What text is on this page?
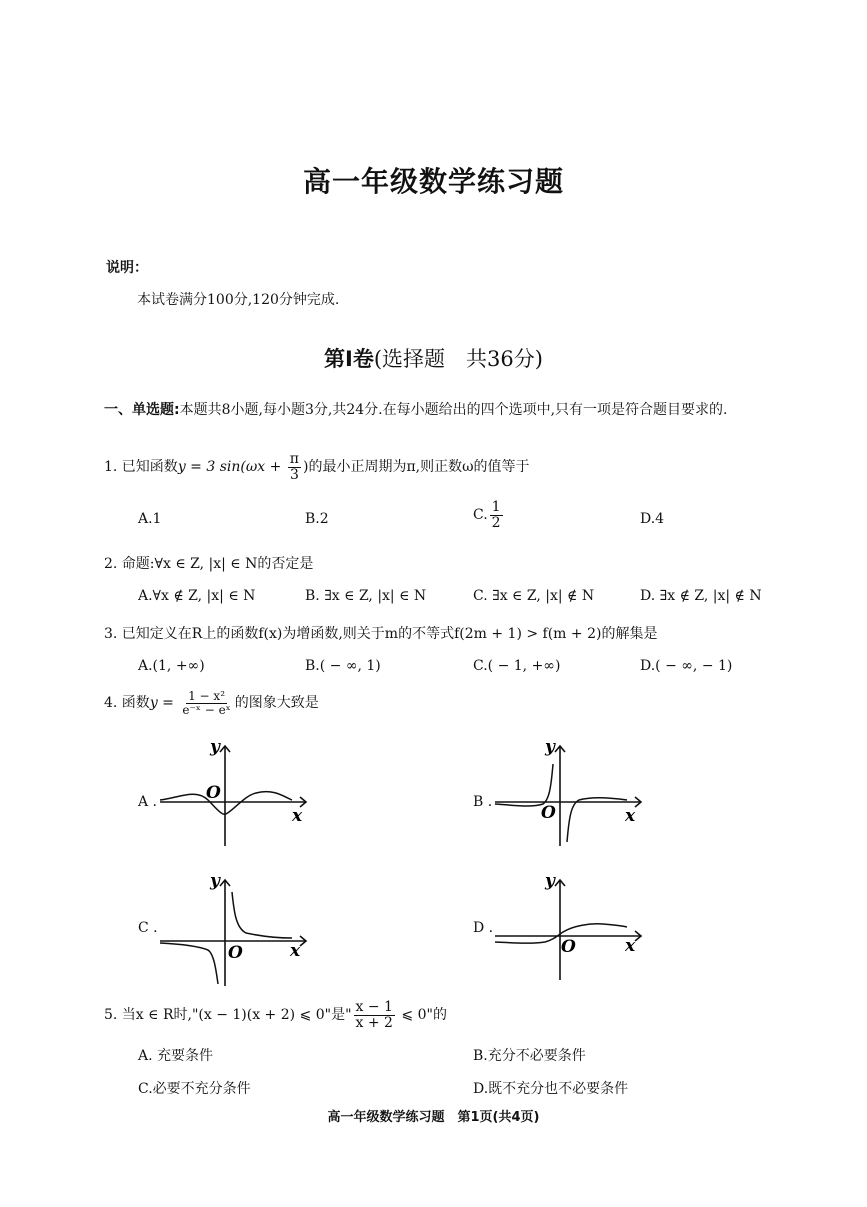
高一年级数学练习题
说明：
本试卷满分100分,120分钟完成.
第Ⅰ卷(选择题　共36分)
一、单选题:本题共8小题,每小题3分,共24分.在每小题给出的四个选项中,只有一项是符合题目要求的.
1. 已知函数y = 3 $\sin(\omega x + \frac{\pi}{3}$ )的最小正周期为π,则正数ω的值等于
A.1	B.2	C. $\frac{1}{2}$	D.4
2. 命题:∀x ∈ Z, |x| ∈ N的否定是
A.∀x ∉ Z, |x| ∈ N	B. ∃x ∈ Z, |x| ∈ N	C. ∃x ∈ Z, |x| ∉ N	D. ∃x ∉ Z, |x| ∉ N
3. 已知定义在R上的函数f(x)为增函数,则关于m的不等式f(2m + 1) > f(m + 2)的解集是
A.(1, +∞)	B.( − ∞, 1)	C.( − 1, +∞)	D.( − ∞, − 1)
4. 函数$y = \frac{\text{1 − x²}}{\text{e⁻ˣ − eˣ}}$ 的图象大致是
A .
y
x
O	B .
y
x
O
C .
y
x
O
D .
y
x
O
5. 当x ∈ R时,"(x − 1)(x + 2) ⩽ 0"是" $\frac{x - 1}{x + 2}$ ⩽ 0"的
A. 充要条件	B.充分不必要条件
C.必要不充分条件	D.既不充分也不必要条件
高一年级数学练习题　第1页(共4页)
